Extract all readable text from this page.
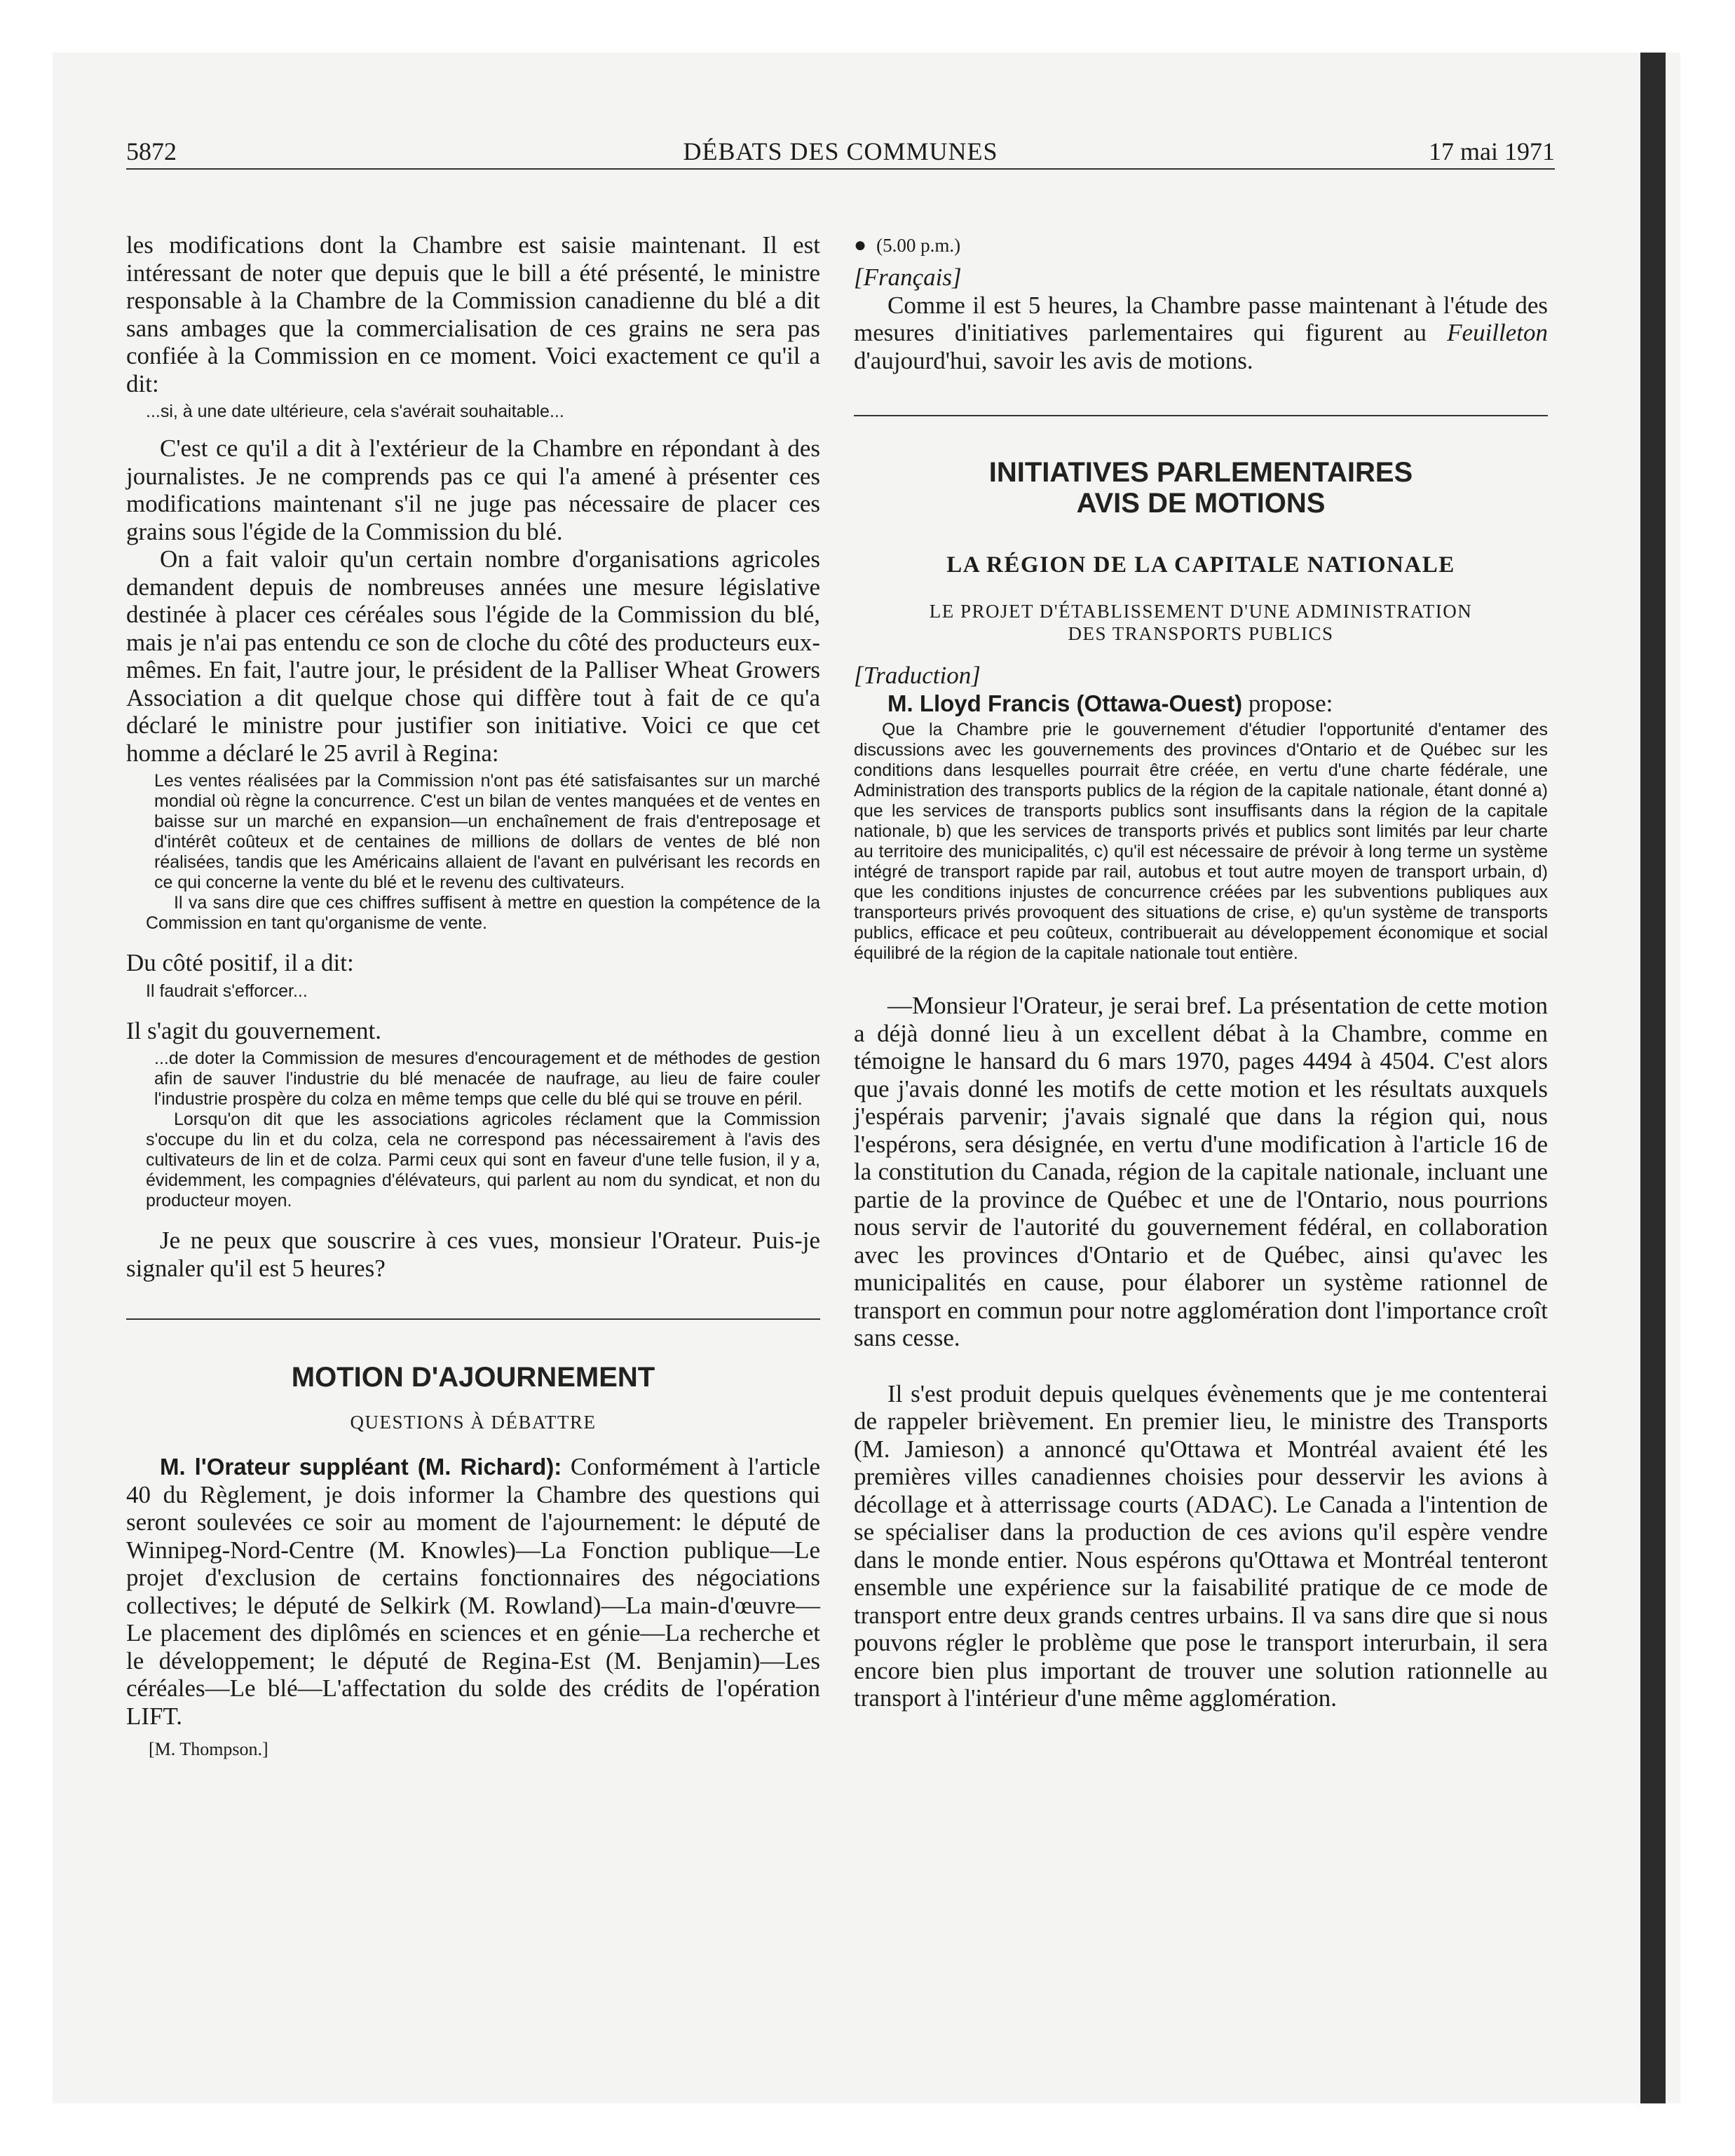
5872	DÉBATS DES COMMUNES	17 mai 1971

les modifications dont la Chambre est saisie maintenant. Il est intéressant de noter que depuis que le bill a été présenté, le ministre responsable à la Chambre de la Commission canadienne du blé a dit sans ambages que la commercialisation de ces grains ne sera pas confiée à la Commission en ce moment. Voici exactement ce qu'il a dit:

...si, à une date ultérieure, cela s'avérait souhaitable...

C'est ce qu'il a dit à l'extérieur de la Chambre en répondant à des journalistes. Je ne comprends pas ce qui l'a amené à présenter ces modifications maintenant s'il ne juge pas nécessaire de placer ces grains sous l'égide de la Commission du blé.

On a fait valoir qu'un certain nombre d'organisations agricoles demandent depuis de nombreuses années une mesure législative destinée à placer ces céréales sous l'égide de la Commission du blé, mais je n'ai pas entendu ce son de cloche du côté des producteurs eux-mêmes. En fait, l'autre jour, le président de la Palliser Wheat Growers Association a dit quelque chose qui diffère tout à fait de ce qu'a déclaré le ministre pour justifier son initiative. Voici ce que cet homme a déclaré le 25 avril à Regina:

Les ventes réalisées par la Commission n'ont pas été satisfaisantes sur un marché mondial où règne la concurrence. C'est un bilan de ventes manquées et de ventes en baisse sur un marché en expansion—un enchaînement de frais d'entreposage et d'intérêt coûteux et de centaines de millions de dollars de ventes de blé non réalisées, tandis que les Américains allaient de l'avant en pulvérisant les records en ce qui concerne la vente du blé et le revenu des cultivateurs.

Il va sans dire que ces chiffres suffisent à mettre en question la compétence de la Commission en tant qu'organisme de vente.

Du côté positif, il a dit:

Il faudrait s'efforcer...

Il s'agit du gouvernement.

...de doter la Commission de mesures d'encouragement et de méthodes de gestion afin de sauver l'industrie du blé menacée de naufrage, au lieu de faire couler l'industrie prospère du colza en même temps que celle du blé qui se trouve en péril.

Lorsqu'on dit que les associations agricoles réclament que la Commission s'occupe du lin et du colza, cela ne correspond pas nécessairement à l'avis des cultivateurs de lin et de colza. Parmi ceux qui sont en faveur d'une telle fusion, il y a, évidemment, les compagnies d'élévateurs, qui parlent au nom du syndicat, et non du producteur moyen.

Je ne peux que souscrire à ces vues, monsieur l'Orateur. Puis-je signaler qu'il est 5 heures?

MOTION D'AJOURNEMENT
QUESTIONS À DÉBATTRE

M. l'Orateur suppléant (M. Richard): Conformément à l'article 40 du Règlement, je dois informer la Chambre des questions qui seront soulevées ce soir au moment de l'ajournement: le député de Winnipeg-Nord-Centre (M. Knowles)—La Fonction publique—Le projet d'exclusion de certains fonctionnaires des négociations collectives; le député de Selkirk (M. Rowland)—La main-d'œuvre—Le placement des diplômés en sciences et en génie—La recherche et le développement; le député de Regina-Est (M. Benjamin)—Les céréales—Le blé—L'affectation du solde des crédits de l'opération LIFT.

[M. Thompson.]

● (5.00 p.m.)

[Français]

Comme il est 5 heures, la Chambre passe maintenant à l'étude des mesures d'initiatives parlementaires qui figurent au Feuilleton d'aujourd'hui, savoir les avis de motions.

INITIATIVES PARLEMENTAIRES
AVIS DE MOTIONS
LA RÉGION DE LA CAPITALE NATIONALE
LE PROJET D'ÉTABLISSEMENT D'UNE ADMINISTRATION
DES TRANSPORTS PUBLICS

[Traduction]

M. Lloyd Francis (Ottawa-Ouest) propose:

Que la Chambre prie le gouvernement d'étudier l'opportunité d'entamer des discussions avec les gouvernements des provinces d'Ontario et de Québec sur les conditions dans lesquelles pourrait être créée, en vertu d'une charte fédérale, une Administration des transports publics de la région de la capitale nationale, étant donné a) que les services de transports publics sont insuffisants dans la région de la capitale nationale, b) que les services de transports privés et publics sont limités par leur charte au territoire des municipalités, c) qu'il est nécessaire de prévoir à long terme un système intégré de transport rapide par rail, autobus et tout autre moyen de transport urbain, d) que les conditions injustes de concurrence créées par les subventions publiques aux transporteurs privés provoquent des situations de crise, e) qu'un système de transports publics, efficace et peu coûteux, contribuerait au développement économique et social équilibré de la région de la capitale nationale tout entière.

—Monsieur l'Orateur, je serai bref. La présentation de cette motion a déjà donné lieu à un excellent débat à la Chambre, comme en témoigne le hansard du 6 mars 1970, pages 4494 à 4504. C'est alors que j'avais donné les motifs de cette motion et les résultats auxquels j'espérais parvenir; j'avais signalé que dans la région qui, nous l'espérons, sera désignée, en vertu d'une modification à l'article 16 de la constitution du Canada, région de la capitale nationale, incluant une partie de la province de Québec et une de l'Ontario, nous pourrions nous servir de l'autorité du gouvernement fédéral, en collaboration avec les provinces d'Ontario et de Québec, ainsi qu'avec les municipalités en cause, pour élaborer un système rationnel de transport en commun pour notre agglomération dont l'importance croît sans cesse.

Il s'est produit depuis quelques évènements que je me contenterai de rappeler brièvement. En premier lieu, le ministre des Transports (M. Jamieson) a annoncé qu'Ottawa et Montréal avaient été les premières villes canadiennes choisies pour desservir les avions à décollage et à atterrissage courts (ADAC). Le Canada a l'intention de se spécialiser dans la production de ces avions qu'il espère vendre dans le monde entier. Nous espérons qu'Ottawa et Montréal tenteront ensemble une expérience sur la faisabilité pratique de ce mode de transport entre deux grands centres urbains. Il va sans dire que si nous pouvons régler le problème que pose le transport interurbain, il sera encore bien plus important de trouver une solution rationnelle au transport à l'intérieur d'une même agglomération.
